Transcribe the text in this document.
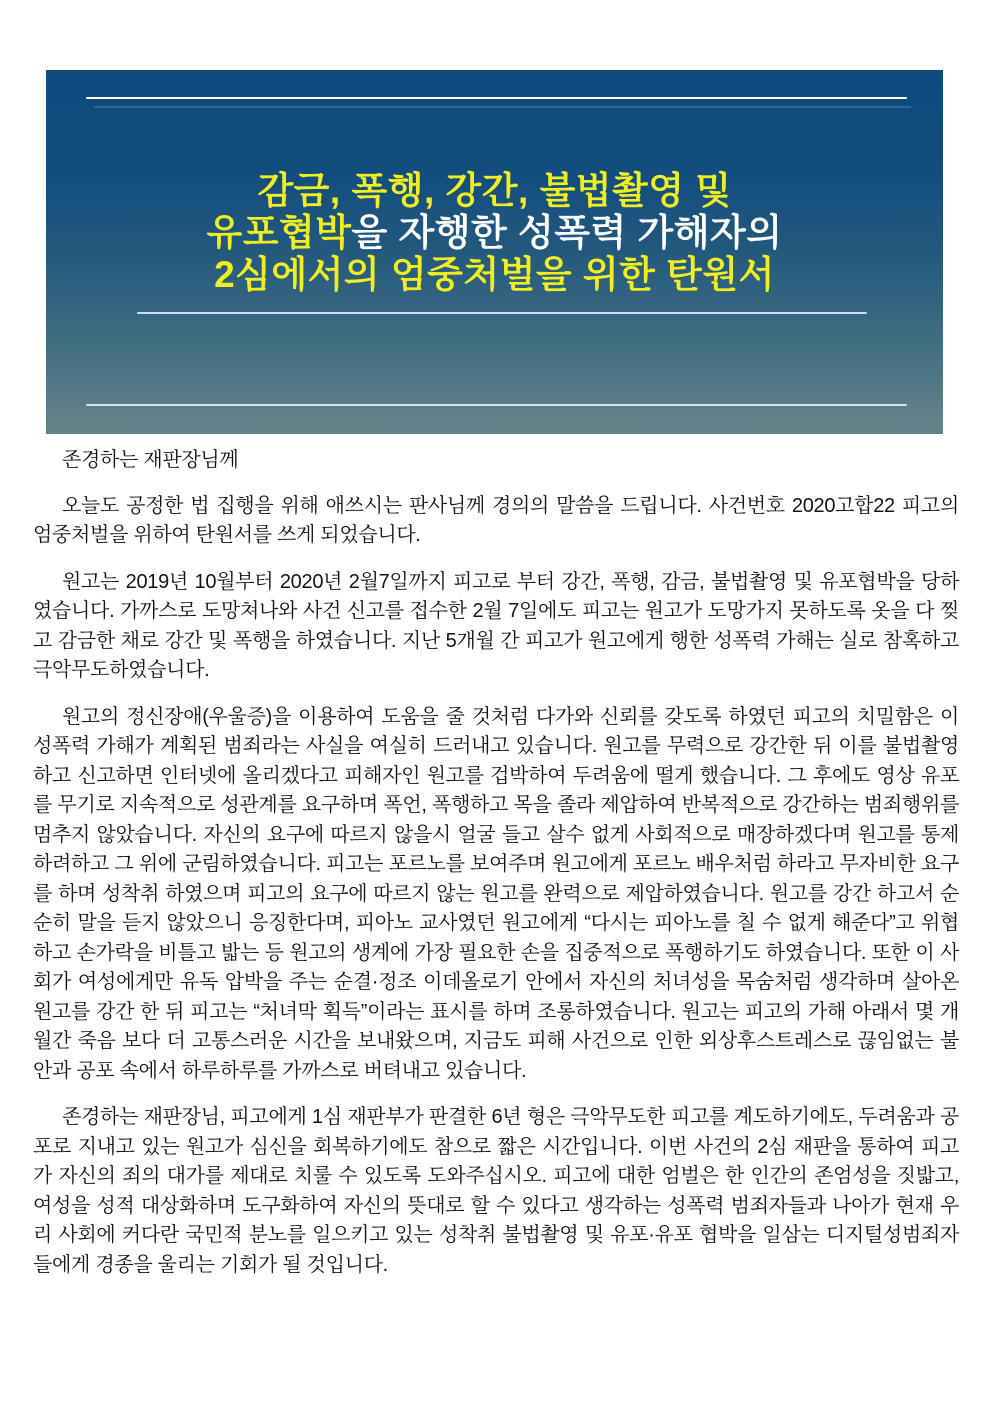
감금, 폭행, 강간, 불법촬영 및
유포협박을 자행한 성폭력 가해자의
2심에서의 엄중처벌을 위한 탄원서

존경하는 재판장님께

오늘도 공정한 법 집행을 위해 애쓰시는 판사님께 경의의 말씀을 드립니다. 사건번호 2020고합22 피고의 엄중처벌을 위하여 탄원서를 쓰게 되었습니다.

원고는 2019년 10월부터 2020년 2월7일까지 피고로 부터 강간, 폭행, 감금, 불법촬영 및 유포협박을 당하였습니다. 가까스로 도망쳐나와 사건 신고를 접수한 2월 7일에도 피고는 원고가 도망가지 못하도록 옷을 다 찢고 감금한 채로 강간 및 폭행을 하였습니다. 지난 5개월 간 피고가 원고에게 행한 성폭력 가해는 실로 참혹하고 극악무도하였습니다.

원고의 정신장애(우울증)을 이용하여 도움을 줄 것처럼 다가와 신뢰를 갖도록 하였던 피고의 치밀함은 이 성폭력 가해가 계획된 범죄라는 사실을 여실히 드러내고 있습니다. 원고를 무력으로 강간한 뒤 이를 불법촬영하고 신고하면 인터넷에 올리겠다고 피해자인 원고를 겁박하여 두려움에 떨게 했습니다. 그 후에도 영상 유포를 무기로 지속적으로 성관계를 요구하며 폭언, 폭행하고 목을 졸라 제압하여 반복적으로 강간하는 범죄행위를 멈추지 않았습니다. 자신의 요구에 따르지 않을시 얼굴 들고 살수 없게 사회적으로 매장하겠다며 원고를 통제하려하고 그 위에 군림하였습니다. 피고는 포르노를 보여주며 원고에게 포르노 배우처럼 하라고 무자비한 요구를 하며 성착취 하였으며 피고의 요구에 따르지 않는 원고를 완력으로 제압하였습니다. 원고를 강간 하고서 순순히 말을 듣지 않았으니 응징한다며, 피아노 교사였던 원고에게 “다시는 피아노를 칠 수 없게 해준다”고 위협하고 손가락을 비틀고 밟는 등 원고의 생계에 가장 필요한 손을 집중적으로 폭행하기도 하였습니다. 또한 이 사회가 여성에게만 유독 압박을 주는 순결·정조 이데올로기 안에서 자신의 처녀성을 목숨처럼 생각하며 살아온 원고를 강간 한 뒤 피고는 “처녀막 획득”이라는 표시를 하며 조롱하였습니다. 원고는 피고의 가해 아래서 몇 개월간 죽음 보다 더 고통스러운 시간을 보내왔으며, 지금도 피해 사건으로 인한 외상후스트레스로 끊임없는 불안과 공포 속에서 하루하루를 가까스로 버텨내고 있습니다.

존경하는 재판장님, 피고에게 1심 재판부가 판결한 6년 형은 극악무도한 피고를 계도하기에도, 두려움과 공포로 지내고 있는 원고가 심신을 회복하기에도 참으로 짧은 시간입니다. 이번 사건의 2심 재판을 통하여 피고가 자신의 죄의 대가를 제대로 치룰 수 있도록 도와주십시오. 피고에 대한 엄벌은 한 인간의 존엄성을 짓밟고, 여성을 성적 대상화하며 도구화하여 자신의 뜻대로 할 수 있다고 생각하는 성폭력 범죄자들과 나아가 현재 우리 사회에 커다란 국민적 분노를 일으키고 있는 성착취 불법촬영 및 유포·유포 협박을 일삼는 디지털성범죄자들에게 경종을 울리는 기회가 될 것입니다.
